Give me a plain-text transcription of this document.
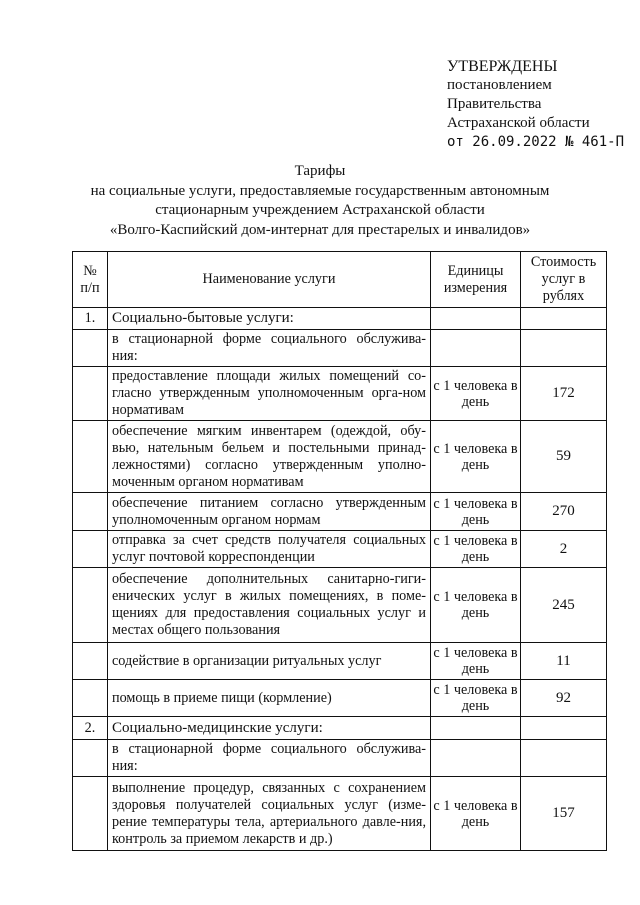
УТВЕРЖДЕНЫ
постановлением
Правительства
Астраханской области
от 26.09.2022 № 461-П
Тарифы
на социальные услуги, предоставляемые государственным автономным
стационарным учреждением Астраханской области
«Волго-Каспийский дом-интернат для престарелых и инвалидов»
№ п/п	Наименование услуги	Единицы измерения	Стоимость услуг в рублях
1.	Социально-бытовые услуги:		
	в стационарной форме социального обслужива-ния:		
	предоставление площади жилых помещений со-гласно утвержденным уполномоченным орга-ном нормативам	с 1 человека в день	172
	обеспечение мягким инвентарем (одеждой, обу-вью, нательным бельем и постельными принад-лежностями) согласно утвержденным уполно-моченным органом нормативам	с 1 человека в день	59
	обеспечение питанием согласно утвержденным уполномоченным органом нормам	с 1 человека в день	270
	отправка за счет средств получателя социальных услуг почтовой корреспонденции	с 1 человека в день	2
	обеспечение дополнительных санитарно-гиги-енических услуг в жилых помещениях, в поме-щениях для предоставления социальных услуг и местах общего пользования	с 1 человека в день	245
	содействие в организации ритуальных услуг	с 1 человека в день	11
	помощь в приеме пищи (кормление)	с 1 человека в день	92
2.	Социально-медицинские услуги:		
	в стационарной форме социального обслужива-ния:		
	выполнение процедур, связанных с сохранением здоровья получателей социальных услуг (изме-рение температуры тела, артериального давле-ния, контроль за приемом лекарств и др.)	с 1 человека в день	157
